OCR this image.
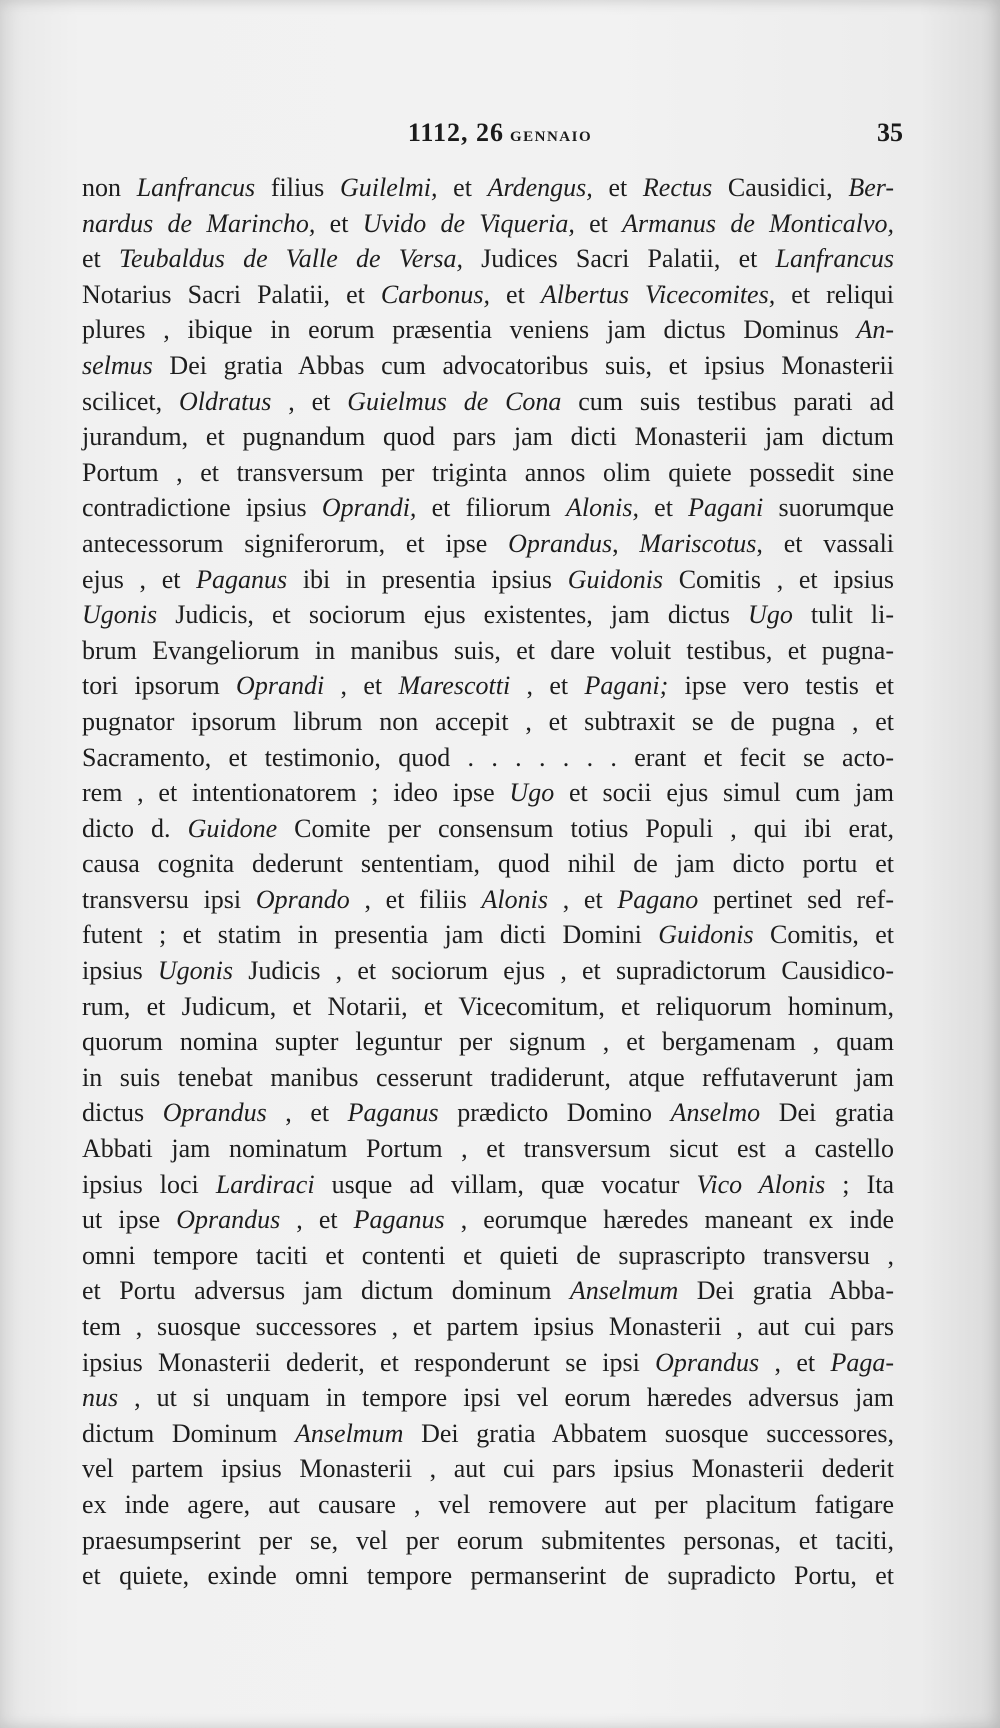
1112, 26 GENNAIO	35
non Lanfrancus filius Guilelmi, et Ardengus, et Rectus Causidici, Ber-
nardus de Marincho, et Uvido de Viqueria, et Armanus de Monticalvo,
et Teubaldus de Valle de Versa, Judices Sacri Palatii, et Lanfrancus
Notarius Sacri Palatii, et Carbonus, et Albertus Vicecomites, et reliqui
plures , ibique in eorum præsentia veniens jam dictus Dominus An-
selmus Dei gratia Abbas cum advocatoribus suis, et ipsius Monasterii
scilicet, Oldratus , et Guielmus de Cona cum suis testibus parati ad
jurandum, et pugnandum quod pars jam dicti Monasterii jam dictum
Portum , et transversum per triginta annos olim quiete possedit sine
contradictione ipsius Oprandi, et filiorum Alonis, et Pagani suorumque
antecessorum signiferorum, et ipse Oprandus, Mariscotus, et vassali
ejus , et Paganus ibi in presentia ipsius Guidonis Comitis , et ipsius
Ugonis Judicis, et sociorum ejus existentes, jam dictus Ugo tulit li-
brum Evangeliorum in manibus suis, et dare voluit testibus, et pugna-
tori ipsorum Oprandi , et Marescotti , et Pagani; ipse vero testis et
pugnator ipsorum librum non accepit , et subtraxit se de pugna , et
Sacramento, et testimonio, quod . . . . . . . erant et fecit se acto-
rem , et intentionatorem ; ideo ipse Ugo et socii ejus simul cum jam
dicto d. Guidone Comite per consensum totius Populi , qui ibi erat,
causa cognita dederunt sententiam, quod nihil de jam dicto portu et
transversu ipsi Oprando , et filiis Alonis , et Pagano pertinet sed ref-
futent ; et statim in presentia jam dicti Domini Guidonis Comitis, et
ipsius Ugonis Judicis , et sociorum ejus , et supradictorum Causidico-
rum, et Judicum, et Notarii, et Vicecomitum, et reliquorum hominum,
quorum nomina supter leguntur per signum , et bergamenam , quam
in suis tenebat manibus cesserunt tradiderunt, atque reffutaverunt jam
dictus Oprandus , et Paganus prædicto Domino Anselmo Dei gratia
Abbati jam nominatum Portum , et transversum sicut est a castello
ipsius loci Lardiraci usque ad villam, quæ vocatur Vico Alonis ; Ita
ut ipse Oprandus , et Paganus , eorumque hæredes maneant ex inde
omni tempore taciti et contenti et quieti de suprascripto transversu ,
et Portu adversus jam dictum dominum Anselmum Dei gratia Abba-
tem , suosque successores , et partem ipsius Monasterii , aut cui pars
ipsius Monasterii dederit, et responderunt se ipsi Oprandus , et Paga-
nus , ut si unquam in tempore ipsi vel eorum hæredes adversus jam
dictum Dominum Anselmum Dei gratia Abbatem suosque successores,
vel partem ipsius Monasterii , aut cui pars ipsius Monasterii dederit
ex inde agere, aut causare , vel removere aut per placitum fatigare
praesumpserint per se, vel per eorum submitentes personas, et taciti,
et quiete, exinde omni tempore permanserint de supradicto Portu, et
